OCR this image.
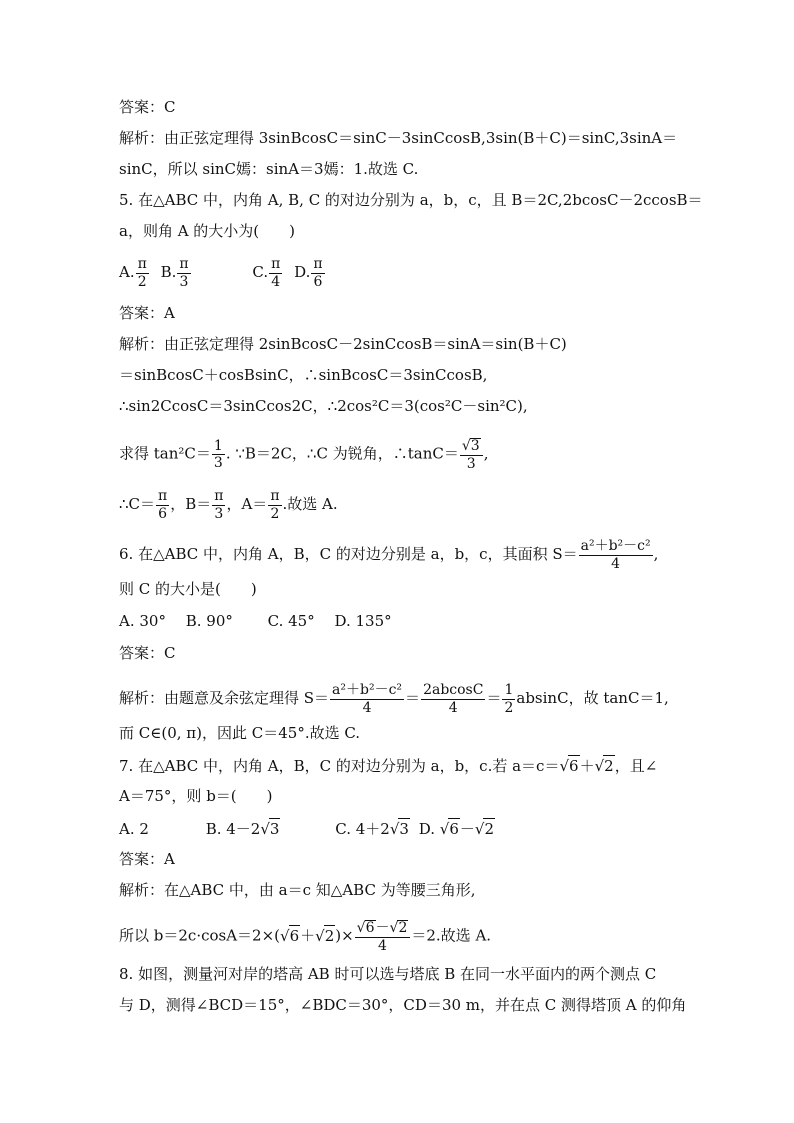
答案：C
解析：由正弦定理得 3sinBcosC＝sinC－3sinCcosB,3sin(B＋C)＝sinC,3sinA＝
sinC，所以 sinC嫣：sinA＝3嫣：1.故选 C.
5. 在△ABC 中，内角 A, B, C 的对边分别为 a，b，c，且 B＝2C,2bcosC－2ccosB＝
a，则角 A 的大小为(　　)
A. $\frac{\pi}{2} B$. $\frac{\pi}{3}$	C. $\frac{\pi}{4} D$. $\frac{\pi}{6}$
答案：A
解析：由正弦定理得 2sinBcosC－2sinCcosB＝sinA＝sin(B＋C)
＝sinBcosC＋cosBsinC，∴sinBcosC＝3sinCcosB,
∴sin2CcosC＝3sinCcos2C，∴2cos²C＝3(cos²C－sin²C),
求得 $\tan^2C= \frac{1}{3}$ . ∵B＝2C，∴C 为锐角，∴tanC＝ $\frac{√3}{3}$ ,
∴C＝ $\frac{\pi}{6}$ ，$B= \frac{\pi}{3}$ ，$A= \frac{\pi}{2}$ .故选 A.
6. 在△ABC 中，内角 A，B，C 的对边分别是 a，b，c，其面积 $S= \frac{\text{a²＋b²－c²}}{4}$ ,
则 C 的大小是(　　)
A. 30°　 B. 90°　　 C. 45°　 D. 135°
答案：C
解析：由题意及余弦定理得 $S= \frac{\text{a²＋b²－c²}}{4} = \frac{2abcosC}{4} = \frac{1}{2}$ absinC，故 tanC＝1,
而 C∈(0, π)，因此 C＝45°.故选 C.
7. 在△ABC 中，内角 A，B，C 的对边分别为 a，b，c.若 a＝c＝√6＋√2，且∠
A＝75°，则 b＝(　　)
A. 2	B. 4－2√3	C. 4＋2√3 D. √6－√2
答案：A
解析：在△ABC 中，由 a＝c 知△ABC 为等腰三角形,
所以 $b=2c\cdot\cos A=2\times(√6+√2)\times \frac{√6-√2}{4} =2$.故选 A.
8. 如图，测量河对岸的塔高 AB 时可以选与塔底 B 在同一水平面内的两个测点 C
与 D，测得∠BCD＝15°，∠BDC＝30°，CD＝30 m，并在点 C 测得塔顶 A 的仰角
